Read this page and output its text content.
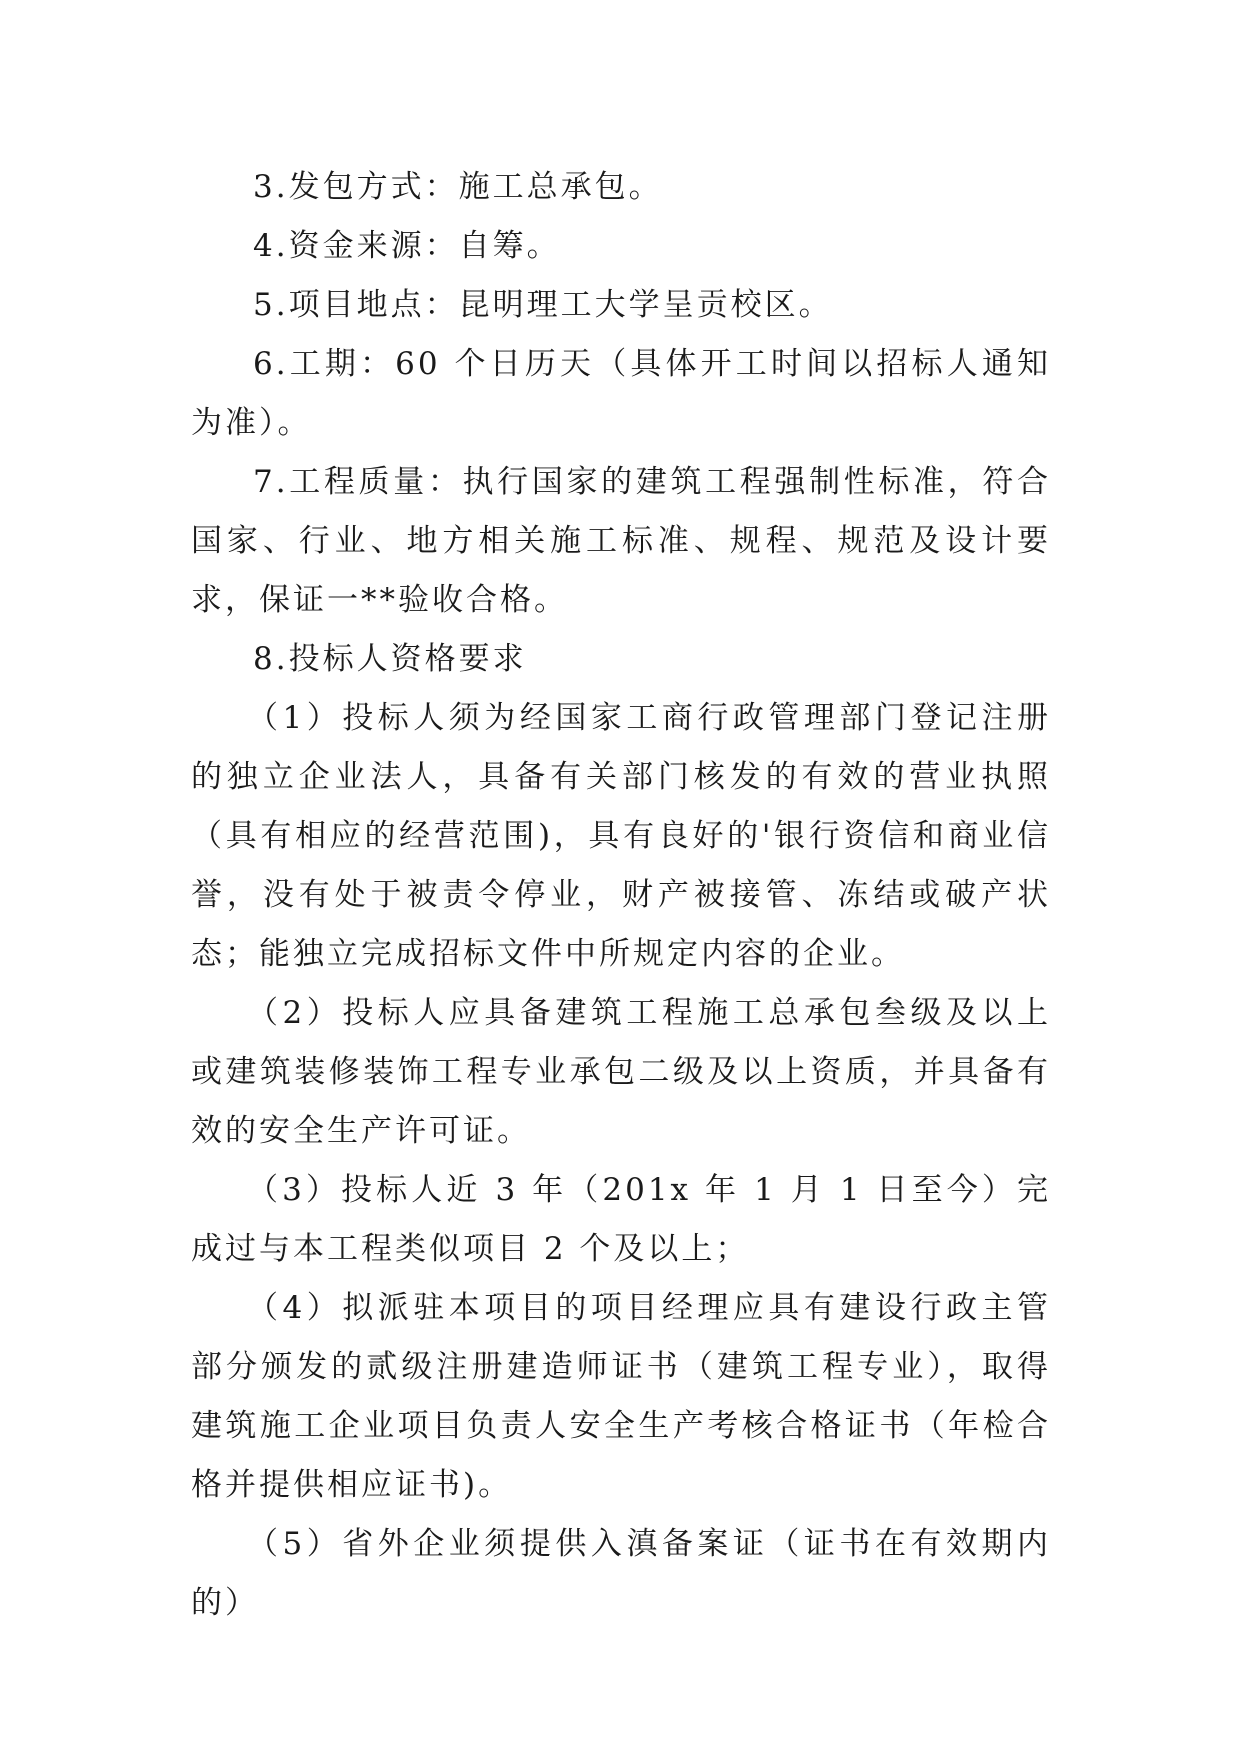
3.发包方式：施工总承包。

4.资金来源：自筹。

5.项目地点：昆明理工大学呈贡校区。

6.工期：60 个日历天（具体开工时间以招标人通知为准）。

7.工程质量：执行国家的建筑工程强制性标准，符合国家、行业、地方相关施工标准、规程、规范及设计要求，保证一**验收合格。

8.投标人资格要求

（1）投标人须为经国家工商行政管理部门登记注册的独立企业法人，具备有关部门核发的有效的营业执照（具有相应的经营范围)，具有良好的'银行资信和商业信誉，没有处于被责令停业，财产被接管、冻结或破产状态；能独立完成招标文件中所规定内容的企业。

（2）投标人应具备建筑工程施工总承包叁级及以上或建筑装修装饰工程专业承包二级及以上资质，并具备有效的安全生产许可证。

（3）投标人近 3 年（201x 年 1 月 1 日至今）完成过与本工程类似项目 2 个及以上；

（4）拟派驻本项目的项目经理应具有建设行政主管部分颁发的贰级注册建造师证书（建筑工程专业），取得建筑施工企业项目负责人安全生产考核合格证书（年检合格并提供相应证书)。

（5）省外企业须提供入滇备案证（证书在有效期内的）
